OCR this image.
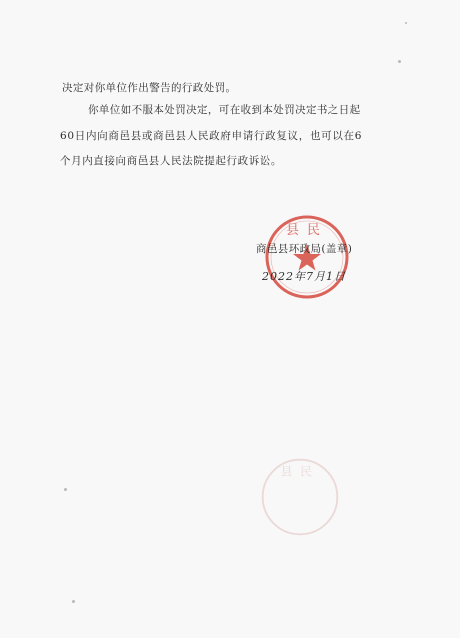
决定对你单位作出警告的行政处罚。
你单位如不服本处罚决定，可在收到本处罚决定书之日起
60日内向商邑县或商邑县人民政府申请行政复议，也可以在6
个月内直接向商邑县人民法院提起行政诉讼。
县民
商邑县环政局(盖章)
2022年7月1日
县民
